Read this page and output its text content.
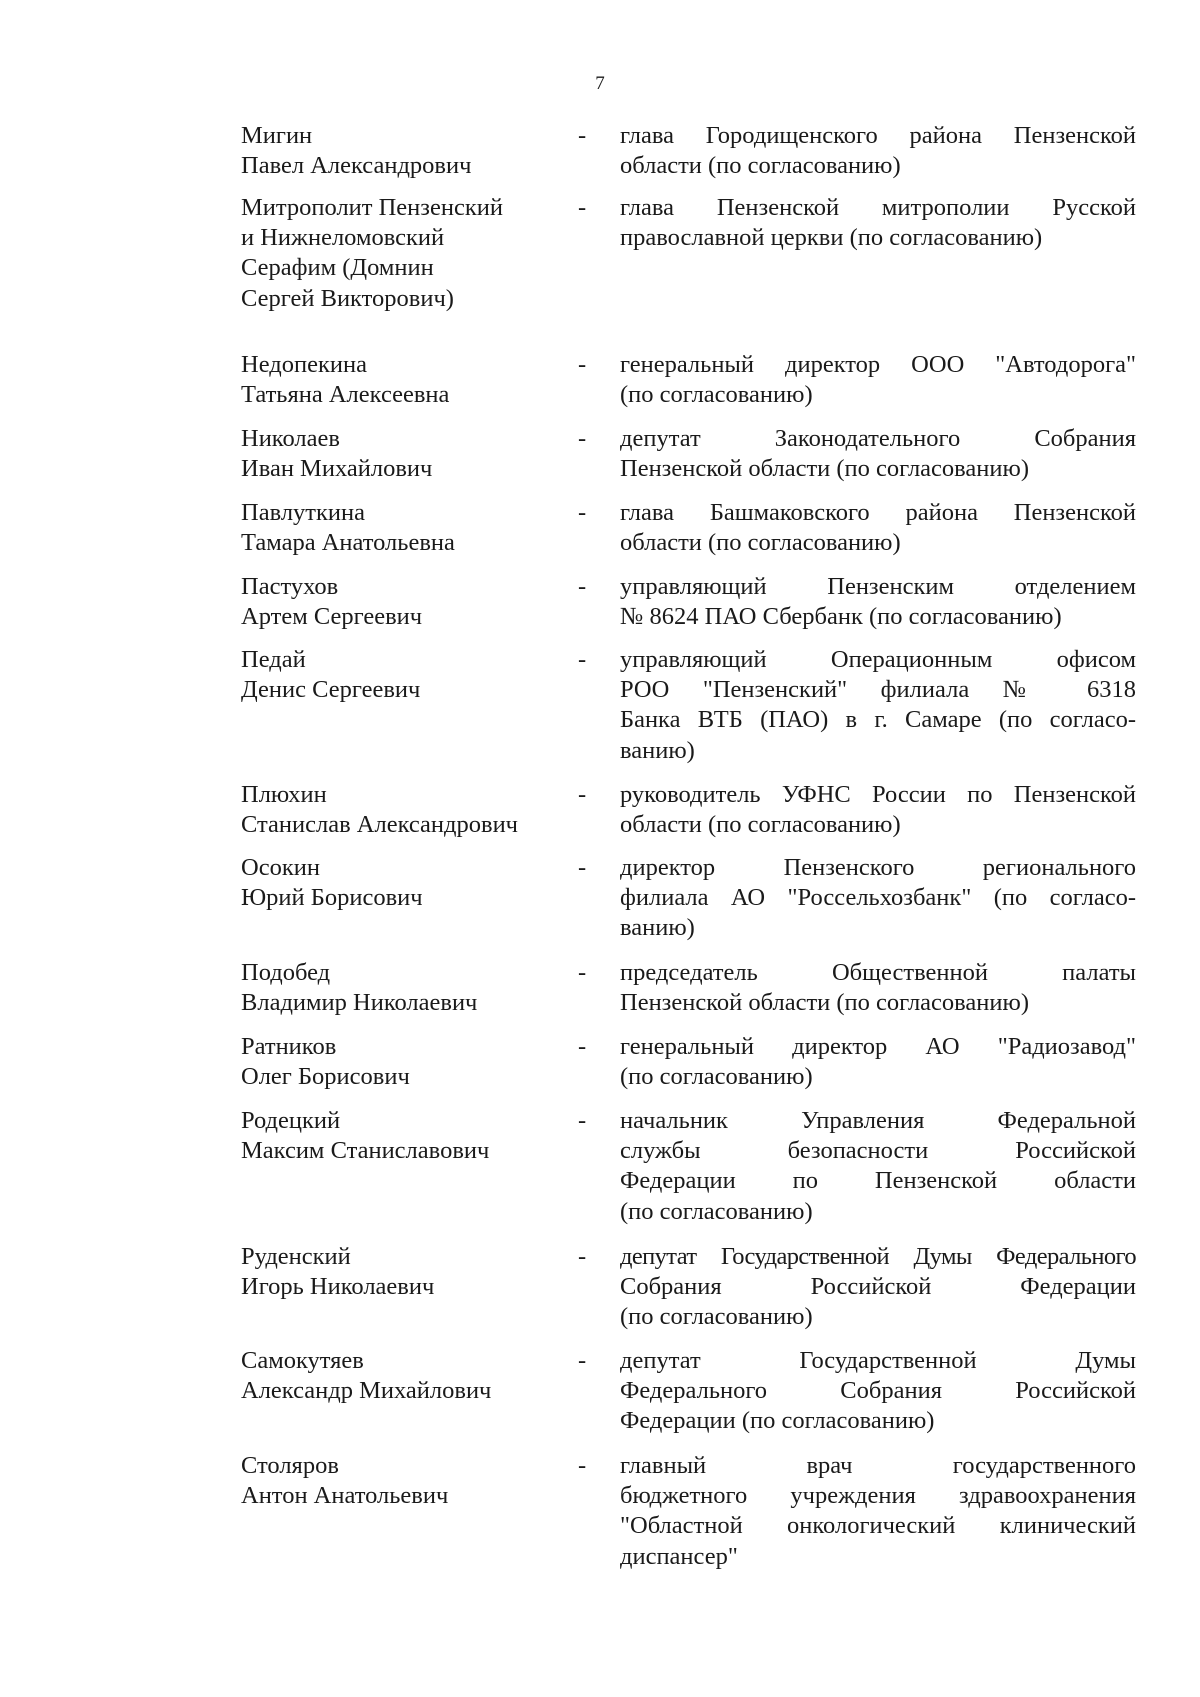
7
Мигин
Павел Александрович
- глава Городищенского района Пензенской
области (по согласованию)
Митрополит Пензенский
и Нижнеломовский
Серафим (Домнин
Сергей Викторович)
- глава Пензенской митрополии Русской
православной церкви (по согласованию)
Недопекина
Татьяна Алексеевна
- генеральный директор ООО "Автодорога"
(по согласованию)
Николаев
Иван Михайлович
- депутат Законодательного Собрания
Пензенской области (по согласованию)
Павлуткина
Тамара Анатольевна
- глава Башмаковского района Пензенской
области (по согласованию)
Пастухов
Артем Сергеевич
- управляющий Пензенским отделением
№ 8624 ПАО Сбербанк (по согласованию)
Педай
Денис Сергеевич
- управляющий Операционным офисом
РОО "Пензенский" филиала № 6318
Банка ВТБ (ПАО) в г. Самаре (по согласо-
ванию)
Плюхин
Станислав Александрович
- руководитель УФНС России по Пензенской
области (по согласованию)
Осокин
Юрий Борисович
- директор Пензенского регионального
филиала АО "Россельхозбанк" (по согласо-
ванию)
Подобед
Владимир Николаевич
- председатель Общественной палаты
Пензенской области (по согласованию)
Ратников
Олег Борисович
- генеральный директор АО "Радиозавод"
(по согласованию)
Родецкий
Максим Станиславович
- начальник Управления Федеральной
службы безопасности Российской
Федерации по Пензенской области
(по согласованию)
Руденский
Игорь Николаевич
- депутат Государственной Думы Федерального
Собрания Российской Федерации
(по согласованию)
Самокутяев
Александр Михайлович
- депутат Государственной Думы
Федерального Собрания Российской
Федерации (по согласованию)
Столяров
Антон Анатольевич
- главный врач государственного
бюджетного учреждения здравоохранения
"Областной онкологический клинический
диспансер"
